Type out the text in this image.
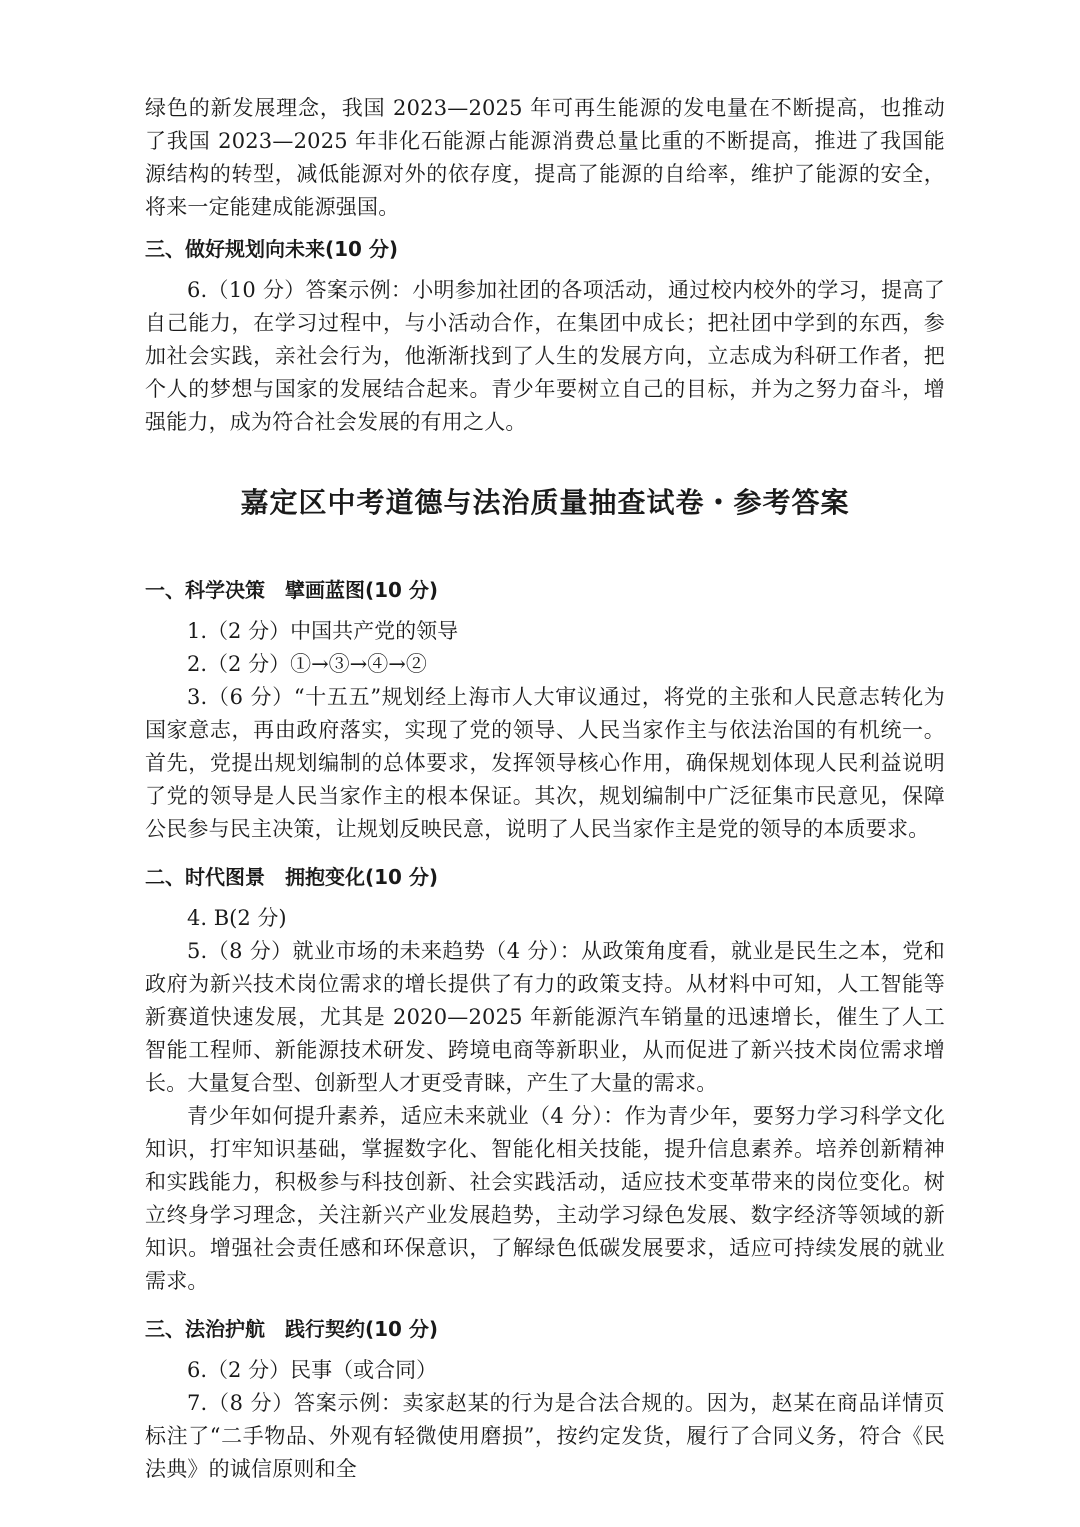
绿色的新发展理念，我国 2023—2025 年可再生能源的发电量在不断提高，也推动了我国 2023—2025 年非化石能源占能源消费总量比重的不断提高，推进了我国能源结构的转型，减低能源对外的依存度，提高了能源的自给率，维护了能源的安全，将来一定能建成能源强国。

三、做好规划向未来(10 分)

6.（10 分）答案示例：小明参加社团的各项活动，通过校内校外的学习，提高了自己能力，在学习过程中，与小活动合作，在集团中成长；把社团中学到的东西，参加社会实践，亲社会行为，他渐渐找到了人生的发展方向，立志成为科研工作者，把个人的梦想与国家的发展结合起来。青少年要树立自己的目标，并为之努力奋斗，增强能力，成为符合社会发展的有用之人。

嘉定区中考道德与法治质量抽查试卷・参考答案

一、科学决策　擘画蓝图(10 分)

1.（2 分）中国共产党的领导

2.（2 分）①→③→④→②

3.（6 分）“十五五”规划经上海市人大审议通过，将党的主张和人民意志转化为国家意志，再由政府落实，实现了党的领导、人民当家作主与依法治国的有机统一。首先，党提出规划编制的总体要求，发挥领导核心作用，确保规划体现人民利益说明了党的领导是人民当家作主的根本保证。其次，规划编制中广泛征集市民意见，保障公民参与民主决策，让规划反映民意，说明了人民当家作主是党的领导的本质要求。

二、时代图景　拥抱变化(10 分)

4. B(2 分)

5.（8 分）就业市场的未来趋势（4 分）：从政策角度看，就业是民生之本，党和政府为新兴技术岗位需求的增长提供了有力的政策支持。从材料中可知，人工智能等新赛道快速发展，尤其是 2020—2025 年新能源汽车销量的迅速增长，催生了人工智能工程师、新能源技术研发、跨境电商等新职业，从而促进了新兴技术岗位需求增长。大量复合型、创新型人才更受青睐，产生了大量的需求。

青少年如何提升素养，适应未来就业（4 分）：作为青少年，要努力学习科学文化知识，打牢知识基础，掌握数字化、智能化相关技能，提升信息素养。培养创新精神和实践能力，积极参与科技创新、社会实践活动，适应技术变革带来的岗位变化。树立终身学习理念，关注新兴产业发展趋势，主动学习绿色发展、数字经济等领域的新知识。增强社会责任感和环保意识，了解绿色低碳发展要求，适应可持续发展的就业需求。

三、法治护航　践行契约(10 分)

6.（2 分）民事（或合同）

7.（8 分）答案示例：卖家赵某的行为是合法合规的。因为，赵某在商品详情页标注了“二手物品、外观有轻微使用磨损”，按约定发货，履行了合同义务，符合《民法典》的诚信原则和全
